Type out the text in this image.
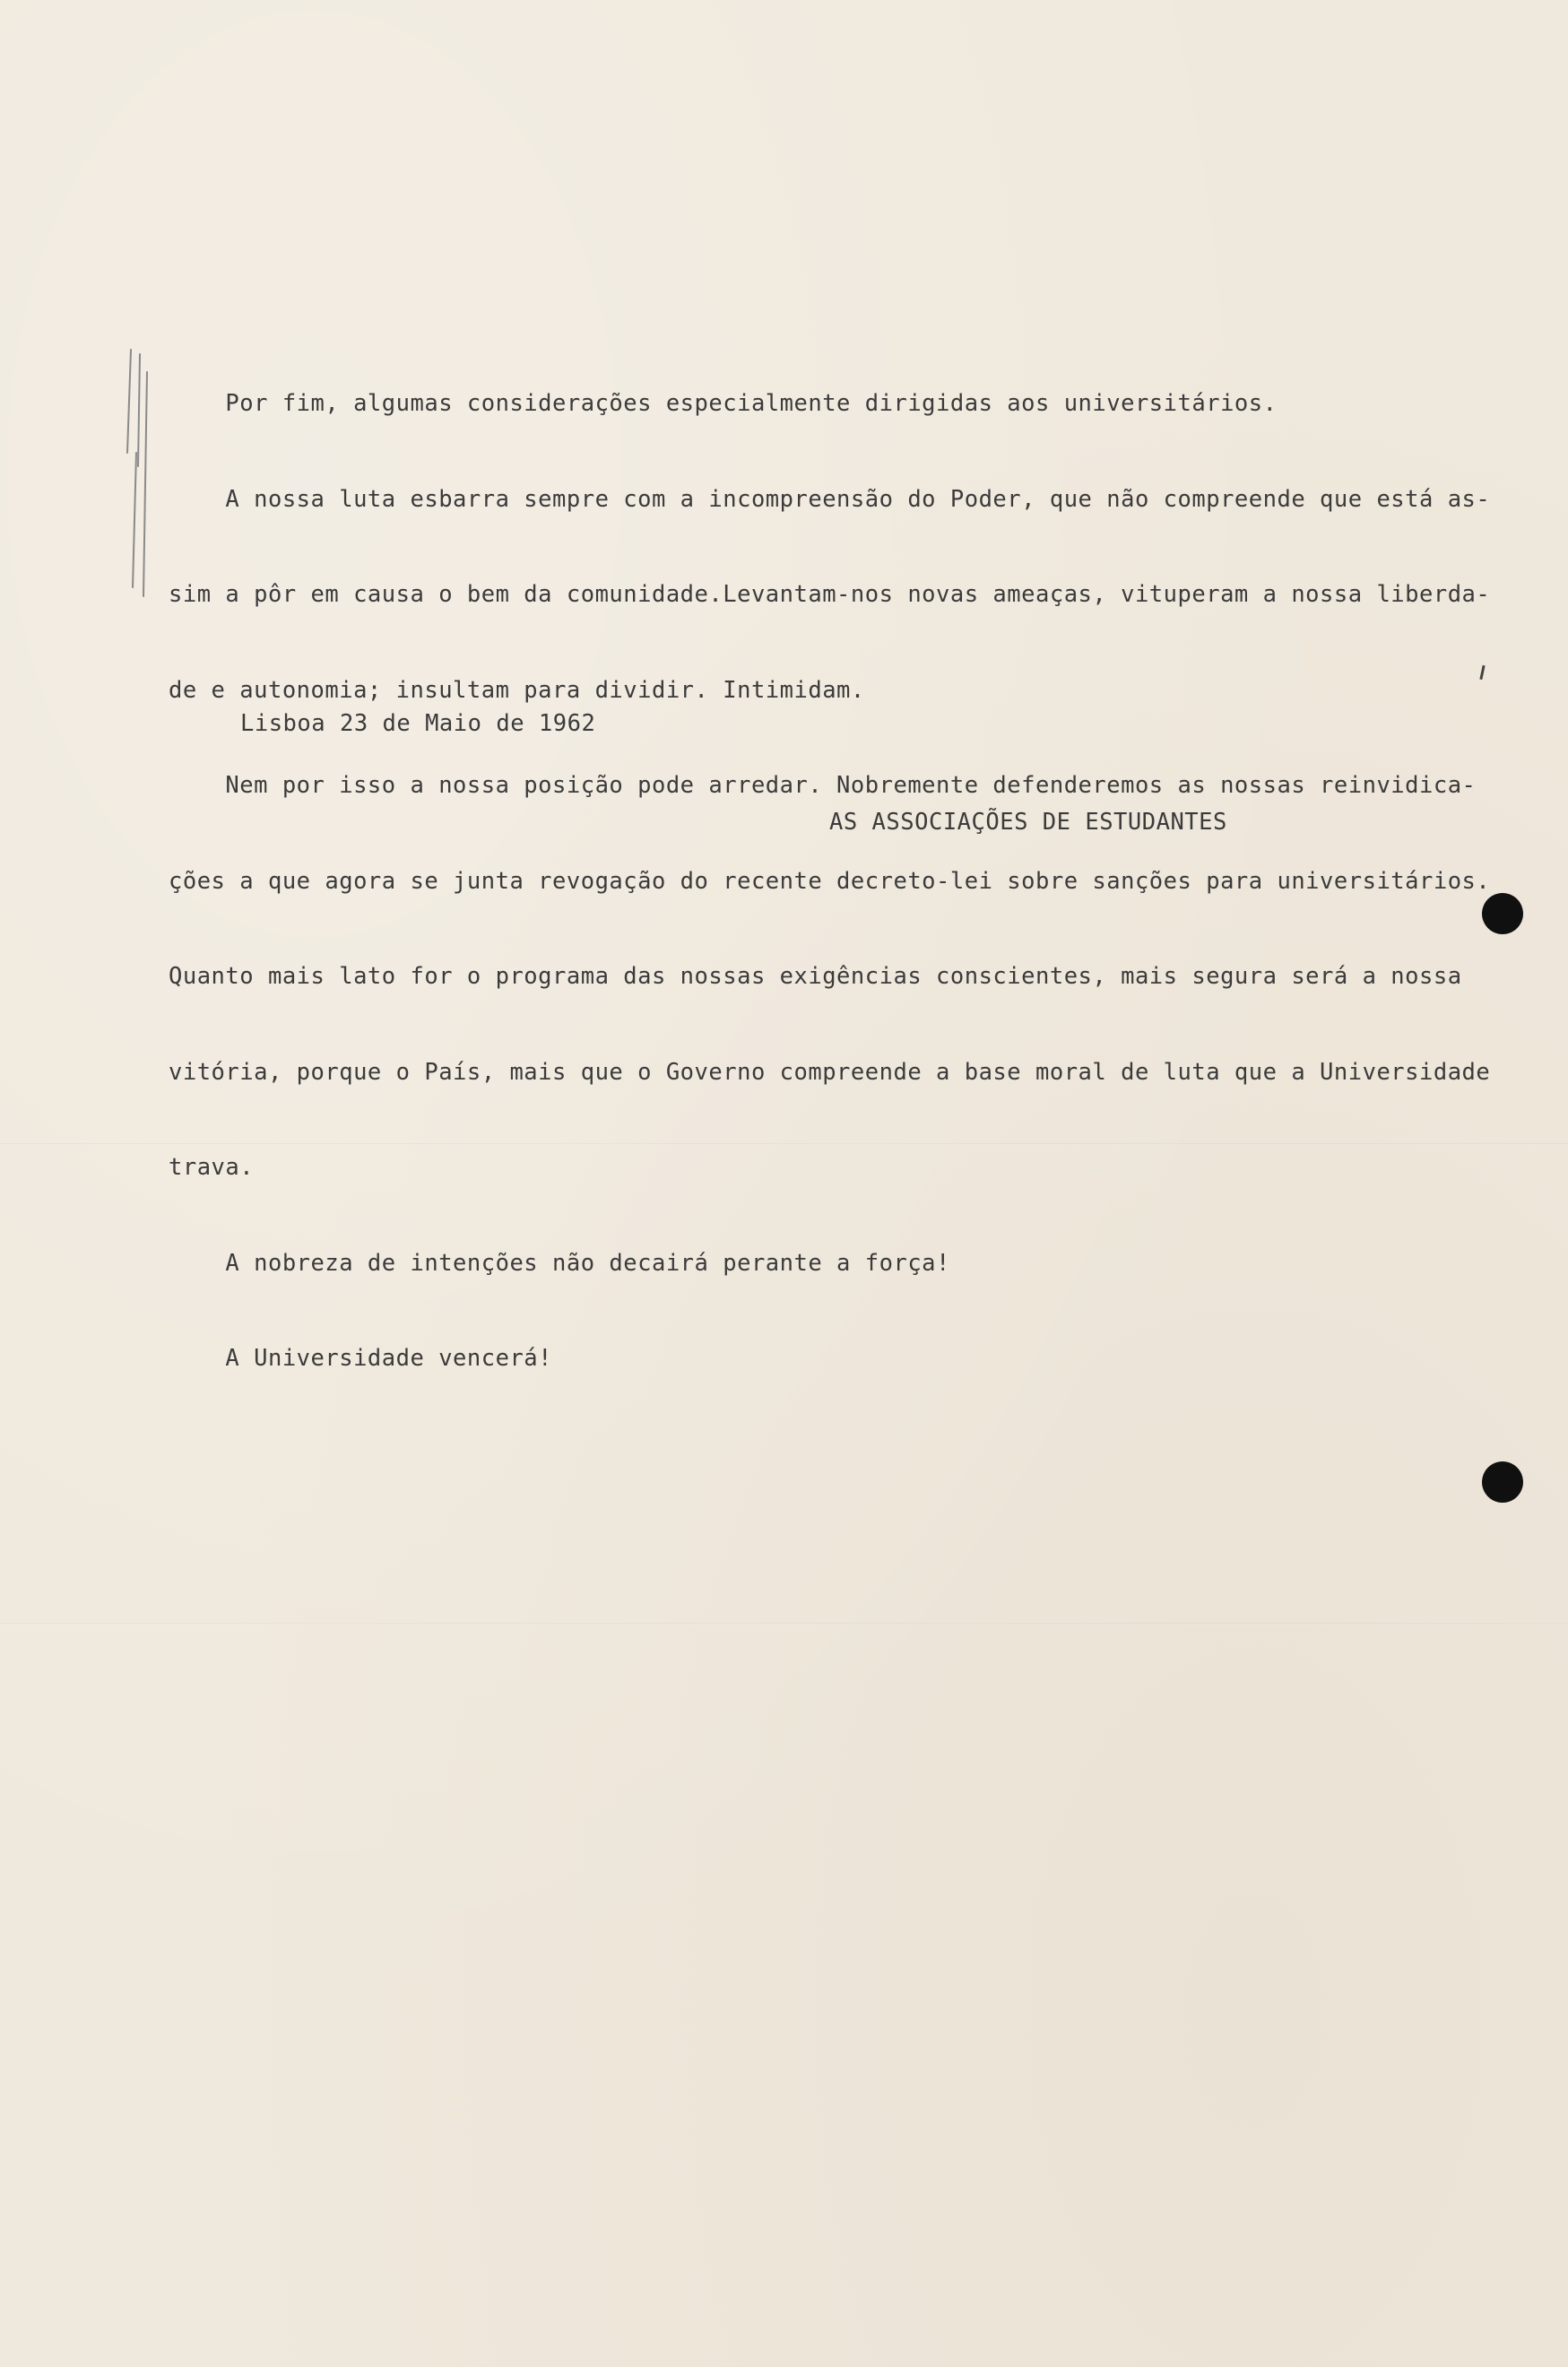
Por fim, algumas considerações especialmente dirigidas aos universitários.

A nossa luta esbarra sempre com a incompreensão do Poder, que não compreende que está as-

sim a pôr em causa o bem da comunidade.Levantam-nos novas ameaças, vituperam a nossa liberda-

de e autonomia; insultam para dividir. Intimidam.

Nem por isso a nossa posição pode arredar. Nobremente defenderemos as nossas reinvidica-

ções a que agora se junta revogação do recente decreto-lei sobre sanções para universitários.

Quanto mais lato for o programa das nossas exigências conscientes, mais segura será a nossa

vitória, porque o País, mais que o Governo compreende a base moral de luta que a Universidade

trava.

A nobreza de intenções não decairá perante a força!

A Universidade vencerá!

Lisboa 23 de Maio de 1962
AS ASSOCIAÇÕES DE ESTUDANTES
